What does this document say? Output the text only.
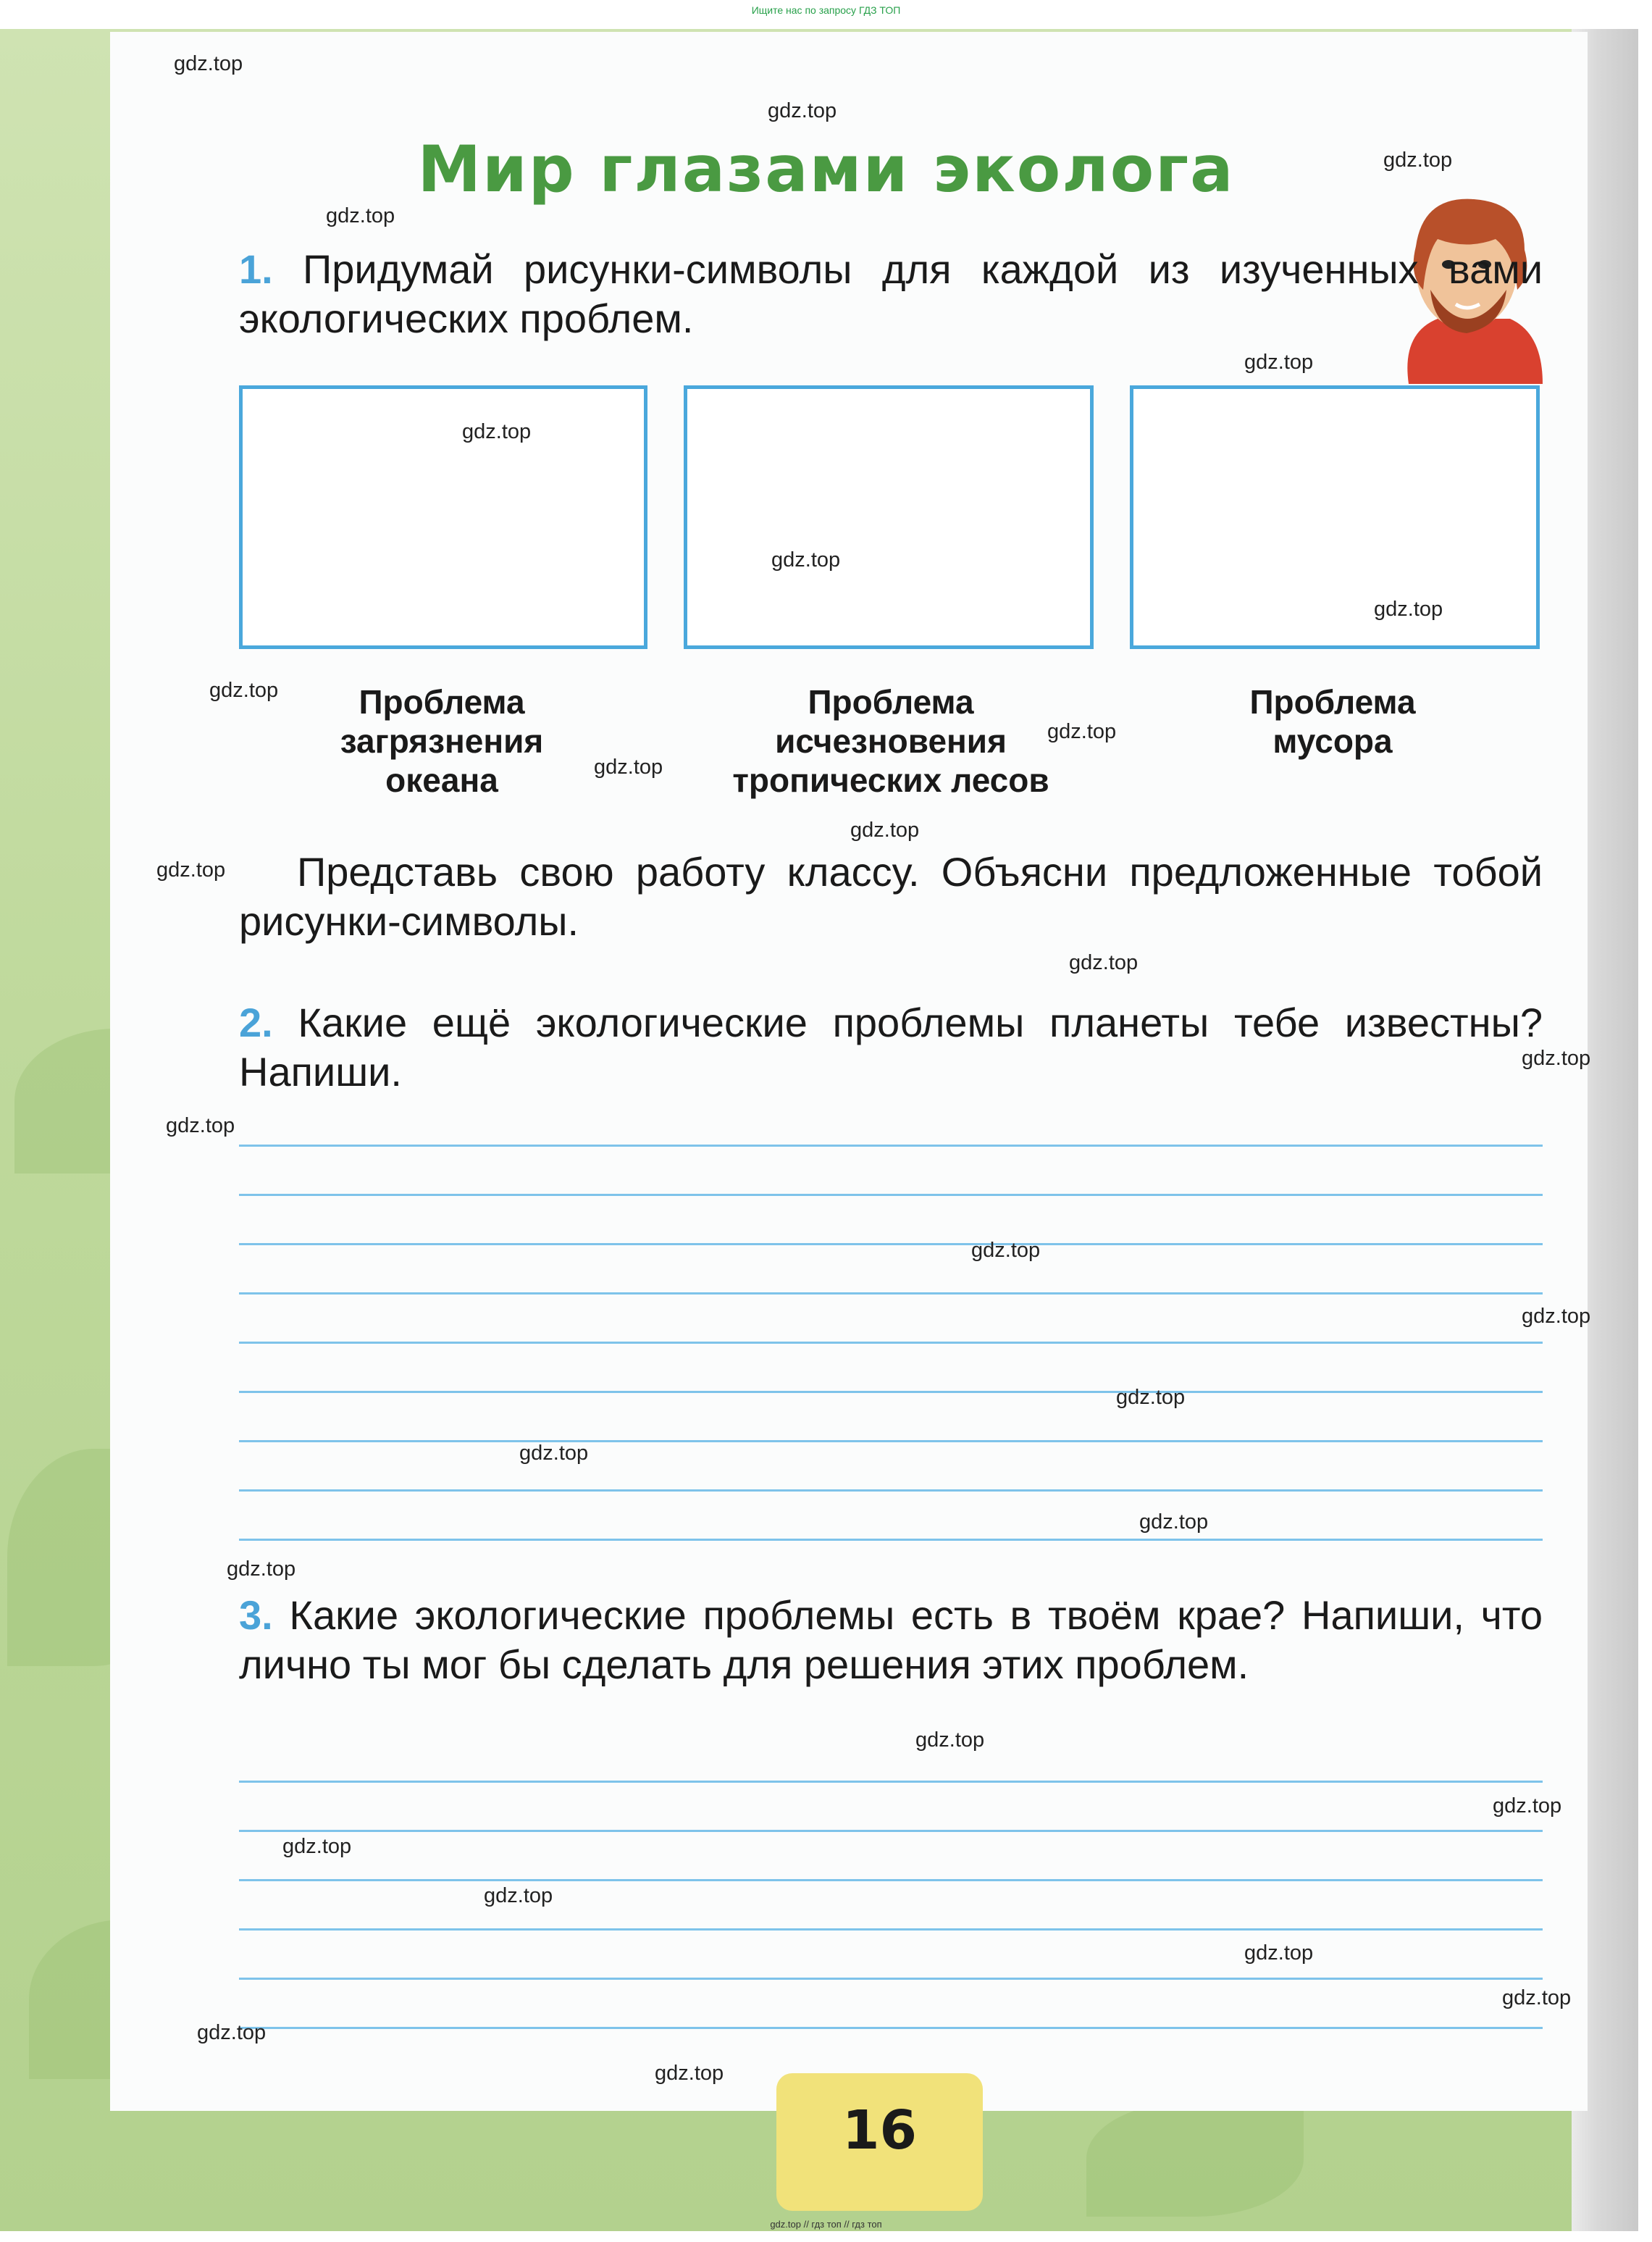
Ищите нас по запросу ГДЗ ТОП
Мир глазами эколога
1. Придумай рисунки-символы для каждой из изученных вами экологических проблем.
Проблема
загрязнения
океана
Проблема
исчезновения
тропических лесов
Проблема
мусора
Представь свою работу классу. Объясни предложенные тобой рисунки-символы.
2. Какие ещё экологические проблемы планеты тебе известны? Напиши.
3. Какие экологические проблемы есть в твоём крае? Напиши, что лично ты мог бы сделать для решения этих проблем.
16
gdz.top
gdz.top
gdz.top
gdz.top
gdz.top
gdz.top
gdz.top
gdz.top
gdz.top
gdz.top
gdz.top
gdz.top
gdz.top
gdz.top
gdz.top
gdz.top
gdz.top
gdz.top
gdz.top
gdz.top
gdz.top
gdz.top
gdz.top
gdz.top
gdz.top
gdz.top
gdz.top
gdz.top
gdz.top
gdz.top
gdz.top // гдз топ // гдз топ
